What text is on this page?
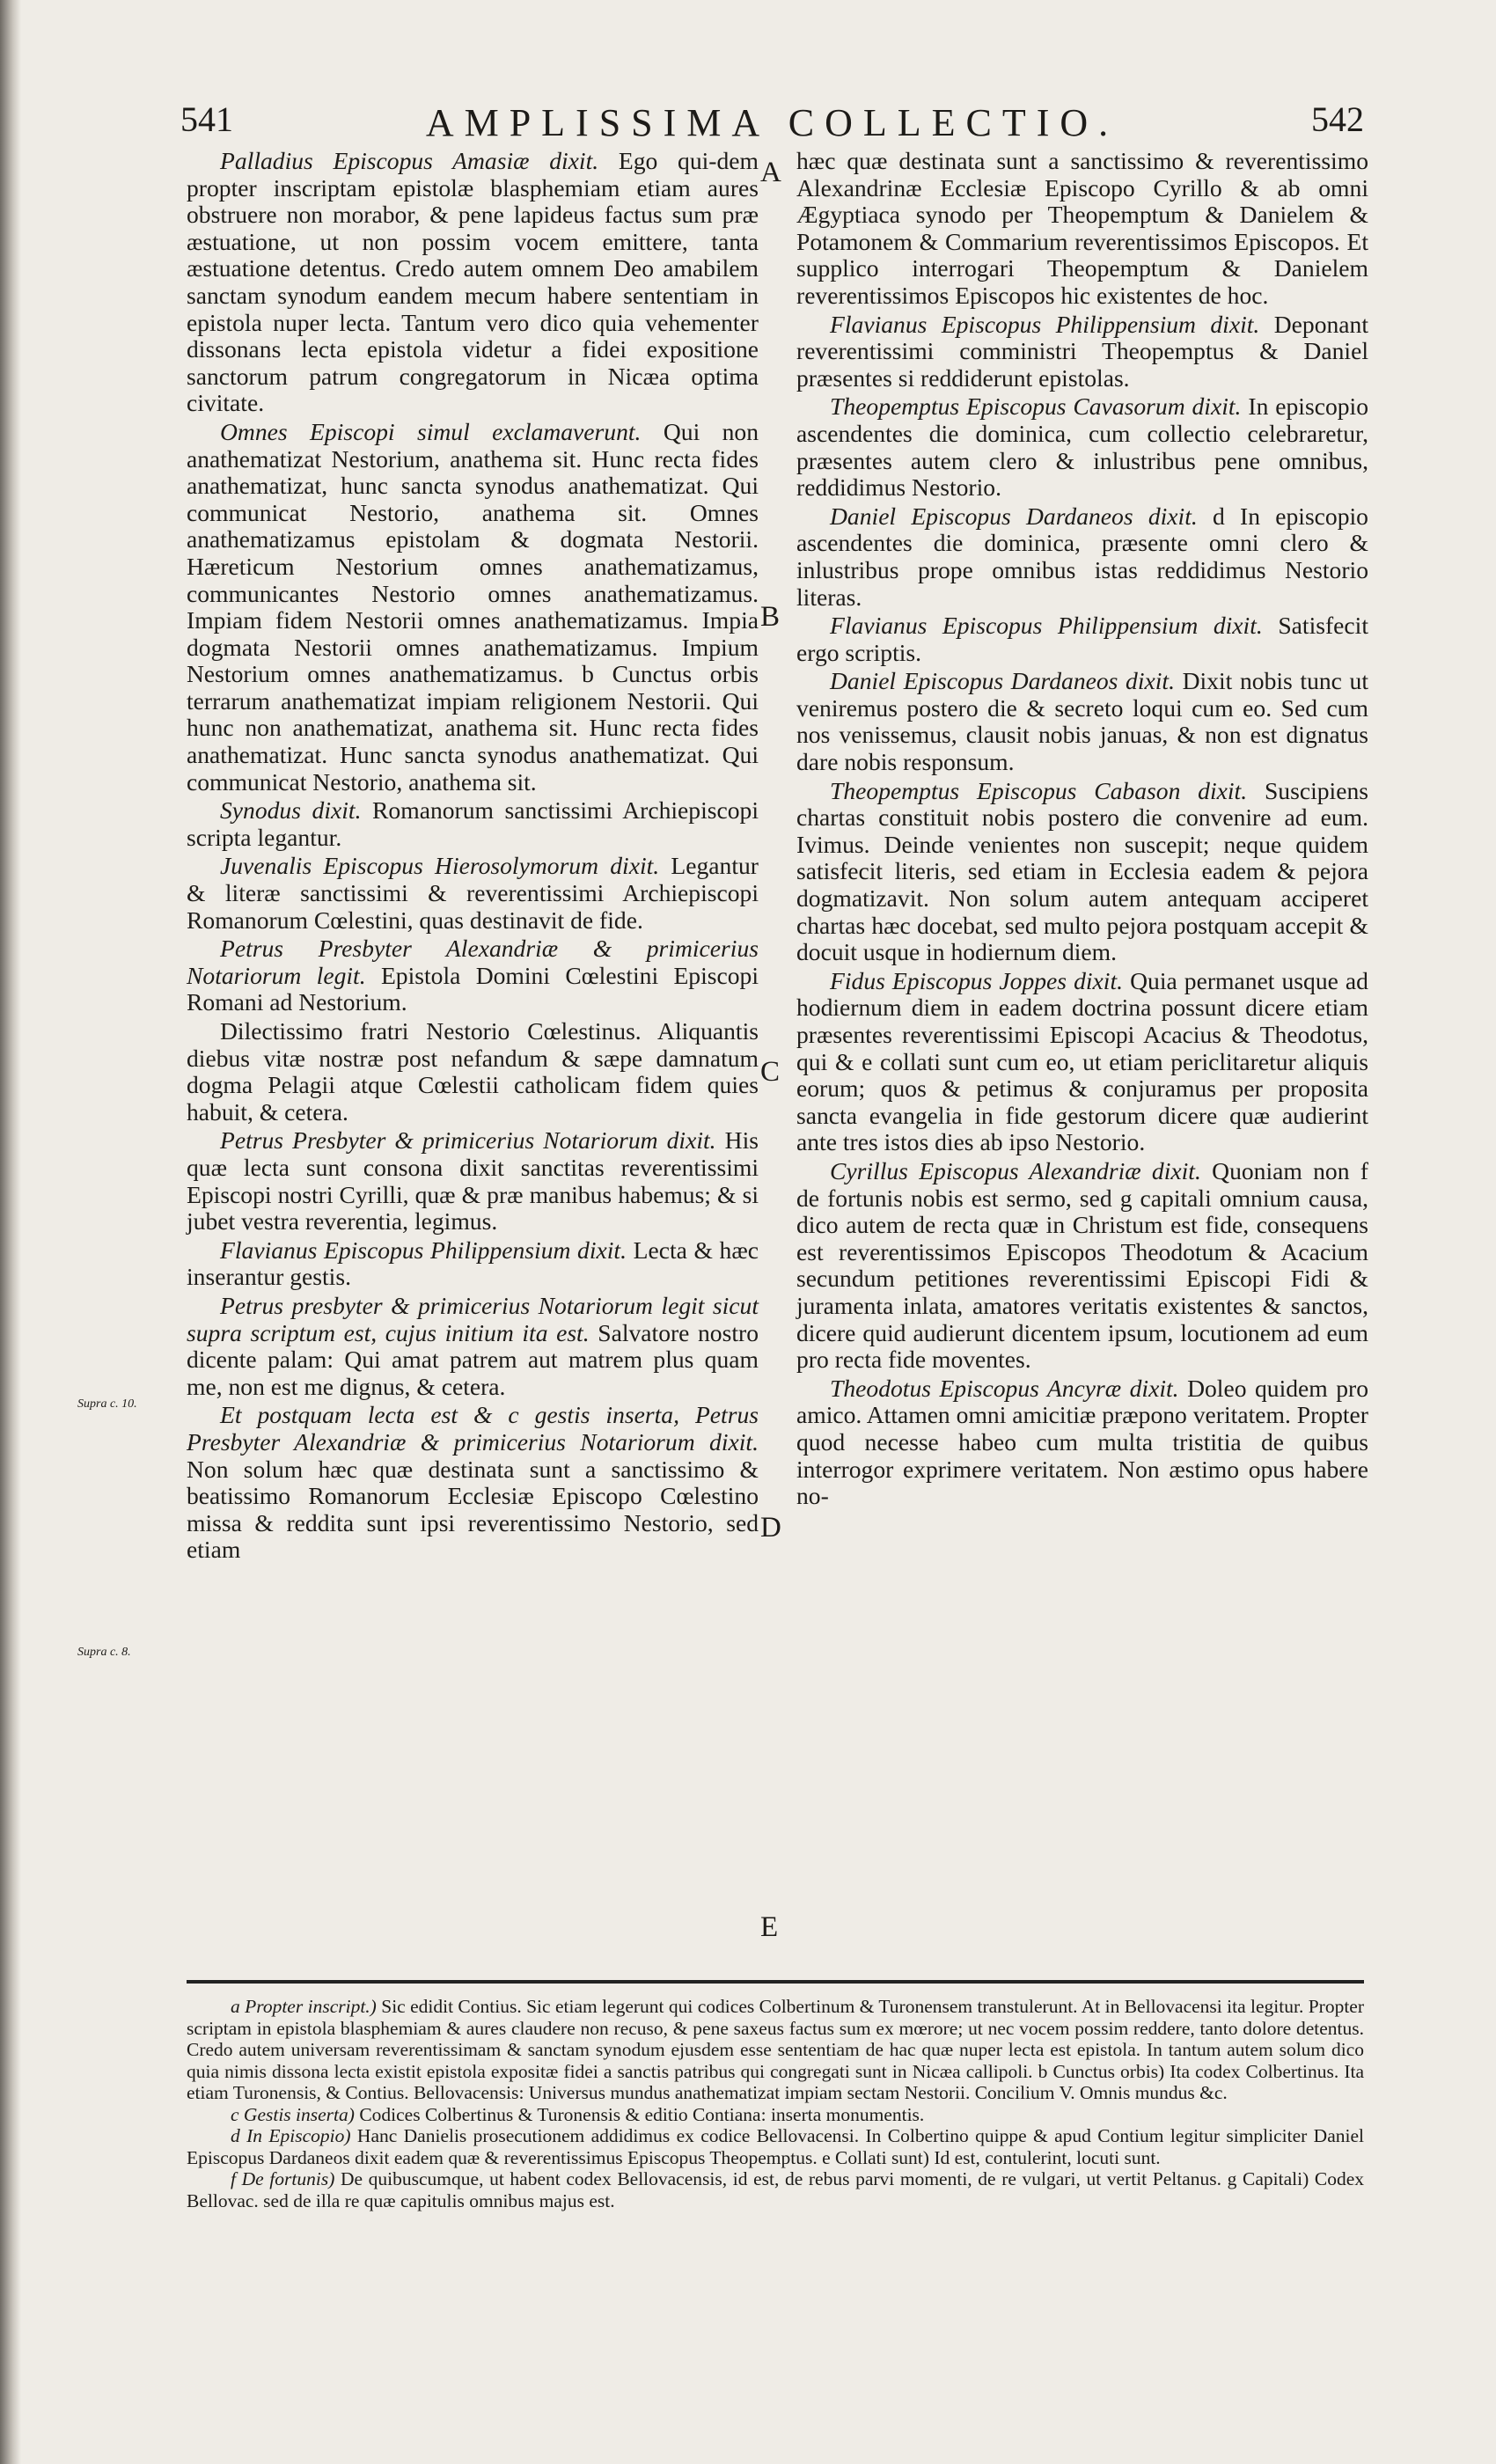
541	AMPLISSIMA COLLECTIO.	542
A
B
C
D
E
Supra c. 10.
Supra c. 8.

Palladius Episcopus Amasiæ dixit. Ego qui-dem propter inscriptam epistolæ blasphemiam etiam aures obstruere non morabor, & pene lapideus factus sum præ æstuatione, ut non possim vocem emittere, tanta æstuatione detentus. Credo autem omnem Deo amabilem sanctam synodum eandem mecum habere sententiam in epistola nuper lecta. Tantum vero dico quia vehementer dissonans lecta epistola videtur a fidei expositione sanctorum patrum congregatorum in Nicæa optima civitate.

Omnes Episcopi simul exclamaverunt. Qui non anathematizat Nestorium, anathema sit. Hunc recta fides anathematizat, hunc sancta synodus anathematizat. Qui communicat Nestorio, anathema sit. Omnes anathematizamus epistolam & dogmata Nestorii. Hæreticum Nestorium omnes anathematizamus, communicantes Nestorio omnes anathematizamus. Impiam fidem Nestorii omnes anathematizamus. Impia dogmata Nestorii omnes anathematizamus. Impium Nestorium omnes anathematizamus. b Cunctus orbis terrarum anathematizat impiam religionem Nestorii. Qui hunc non anathematizat, anathema sit. Hunc recta fides anathematizat. Hunc sancta synodus anathematizat. Qui communicat Nestorio, anathema sit.

Synodus dixit. Romanorum sanctissimi Archiepiscopi scripta legantur.

Juvenalis Episcopus Hierosolymorum dixit. Legantur & literæ sanctissimi & reverentissimi Archiepiscopi Romanorum Cœlestini, quas destinavit de fide.

Petrus Presbyter Alexandriæ & primicerius Notariorum legit. Epistola Domini Cœlestini Episcopi Romani ad Nestorium.

Dilectissimo fratri Nestorio Cœlestinus. Aliquantis diebus vitæ nostræ post nefandum & sæpe damnatum dogma Pelagii atque Cœlestii catholicam fidem quies habuit, & cetera.

Petrus Presbyter & primicerius Notariorum dixit. His quæ lecta sunt consona dixit sanctitas reverentissimi Episcopi nostri Cyrilli, quæ & præ manibus habemus; & si jubet vestra reverentia, legimus.

Flavianus Episcopus Philippensium dixit. Lecta & hæc inserantur gestis.

Petrus presbyter & primicerius Notariorum legit sicut supra scriptum est, cujus initium ita est. Salvatore nostro dicente palam: Qui amat patrem aut matrem plus quam me, non est me dignus, & cetera.

Et postquam lecta est & c gestis inserta, Petrus Presbyter Alexandriæ & primicerius Notariorum dixit. Non solum hæc quæ destinata sunt a sanctissimo & beatissimo Romanorum Ecclesiæ Episcopo Cœlestino missa & reddita sunt ipsi reverentissimo Nestorio, sed etiam

hæc quæ destinata sunt a sanctissimo & reverentissimo Alexandrinæ Ecclesiæ Episcopo Cyrillo & ab omni Ægyptiaca synodo per Theopemptum & Danielem & Potamonem & Commarium reverentissimos Episcopos. Et supplico interrogari Theopemptum & Danielem reverentissimos Episcopos hic existentes de hoc.

Flavianus Episcopus Philippensium dixit. Deponant reverentissimi comministri Theopemptus & Daniel præsentes si reddiderunt epistolas.

Theopemptus Episcopus Cavasorum dixit. In episcopio ascendentes die dominica, cum collectio celebraretur, præsentes autem clero & inlustribus pene omnibus, reddidimus Nestorio.

Daniel Episcopus Dardaneos dixit. d In episcopio ascendentes die dominica, præsente omni clero & inlustribus prope omnibus istas reddidimus Nestorio literas.

Flavianus Episcopus Philippensium dixit. Satisfecit ergo scriptis.

Daniel Episcopus Dardaneos dixit. Dixit nobis tunc ut veniremus postero die & secreto loqui cum eo. Sed cum nos venissemus, clausit nobis januas, & non est dignatus dare nobis responsum.

Theopemptus Episcopus Cabason dixit. Suscipiens chartas constituit nobis postero die convenire ad eum. Ivimus. Deinde venientes non suscepit; neque quidem satisfecit literis, sed etiam in Ecclesia eadem & pejora dogmatizavit. Non solum autem antequam acciperet chartas hæc docebat, sed multo pejora postquam accepit & docuit usque in hodiernum diem.

Fidus Episcopus Joppes dixit. Quia permanet usque ad hodiernum diem in eadem doctrina possunt dicere etiam præsentes reverentissimi Episcopi Acacius & Theodotus, qui & e collati sunt cum eo, ut etiam periclitaretur aliquis eorum; quos & petimus & conjuramus per proposita sancta evangelia in fide gestorum dicere quæ audierint ante tres istos dies ab ipso Nestorio.

Cyrillus Episcopus Alexandriæ dixit. Quoniam non f de fortunis nobis est sermo, sed g capitali omnium causa, dico autem de recta quæ in Christum est fide, consequens est reverentissimos Episcopos Theodotum & Acacium secundum petitiones reverentissimi Episcopi Fidi & juramenta inlata, amatores veritatis existentes & sanctos, dicere quid audierunt dicentem ipsum, locutionem ad eum pro recta fide moventes.

Theodotus Episcopus Ancyræ dixit. Doleo quidem pro amico. Attamen omni amicitiæ præpono veritatem. Propter quod necesse habeo cum multa tristitia de quibus interrogor exprimere veritatem. Non æstimo opus habere no-

a Propter inscript.) Sic edidit Contius. Sic etiam legerunt qui codices Colbertinum & Turonensem transtulerunt. At in Bellovacensi ita legitur. Propter scriptam in epistola blasphemiam & aures claudere non recuso, & pene saxeus factus sum ex mœrore; ut nec vocem possim reddere, tanto dolore detentus. Credo autem universam reverentissimam & sanctam synodum ejusdem esse sententiam de hac quæ nuper lecta est epistola. In tantum autem solum dico quia nimis dissona lecta existit epistola expositæ fidei a sanctis patribus qui congregati sunt in Nicæa callipoli. b Cunctus orbis) Ita codex Colbertinus. Ita etiam Turonensis, & Contius. Bellovacensis: Universus mundus anathematizat impiam sectam Nestorii. Concilium V. Omnis mundus &c.

c Gestis inserta) Codices Colbertinus & Turonensis & editio Contiana: inserta monumentis.

d In Episcopio) Hanc Danielis prosecutionem addidimus ex codice Bellovacensi. In Colbertino quippe & apud Contium legitur simpliciter Daniel Episcopus Dardaneos dixit eadem quæ & reverentissimus Episcopus Theopemptus. e Collati sunt) Id est, contulerint, locuti sunt.

f De fortunis) De quibuscumque, ut habent codex Bellovacensis, id est, de rebus parvi momenti, de re vulgari, ut vertit Peltanus. g Capitali) Codex Bellovac. sed de illa re quæ capitulis omnibus majus est.
